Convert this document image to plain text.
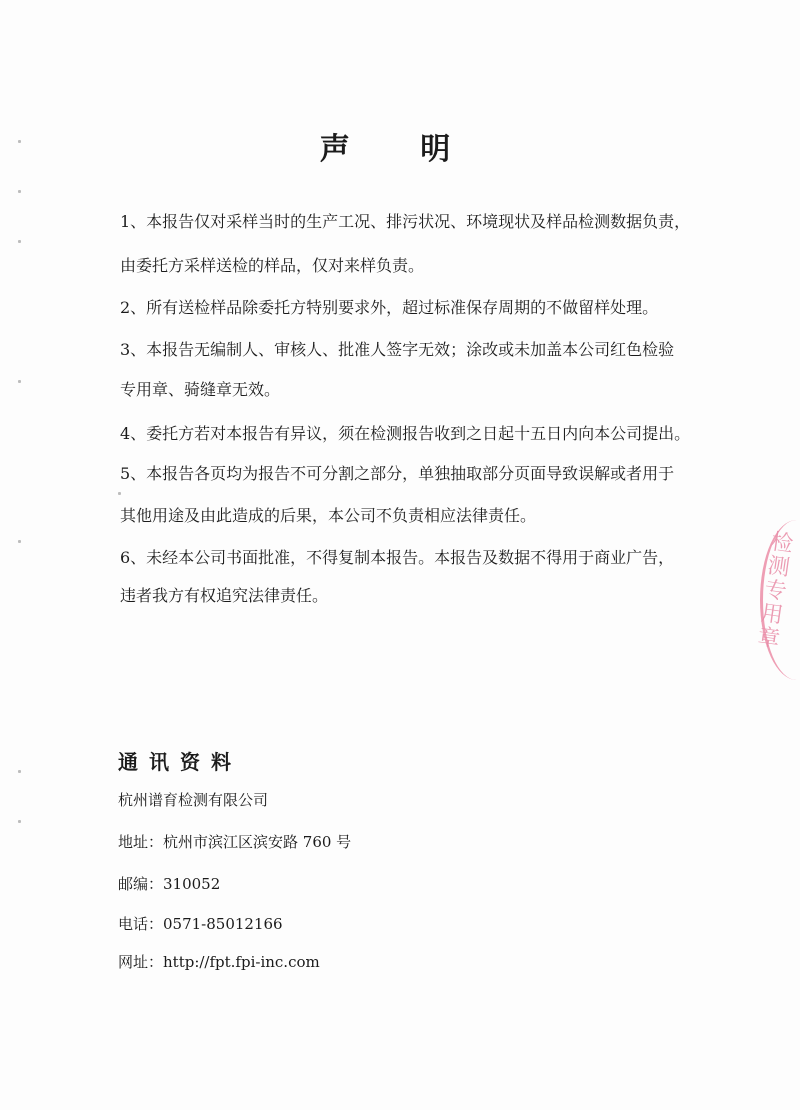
声 明
1、本报告仅对采样当时的生产工况、排污状况、环境现状及样品检测数据负责，
由委托方采样送检的样品，仅对来样负责。
2、所有送检样品除委托方特别要求外，超过标准保存周期的不做留样处理。
3、本报告无编制人、审核人、批准人签字无效；涂改或未加盖本公司红色检验
专用章、骑缝章无效。
4、委托方若对本报告有异议，须在检测报告收到之日起十五日内向本公司提出。
5、本报告各页均为报告不可分割之部分，单独抽取部分页面导致误解或者用于
其他用途及由此造成的后果，本公司不负责相应法律责任。
6、未经本公司书面批准，不得复制本报告。本报告及数据不得用于商业广告，
违者我方有权追究法律责任。
通讯资料
杭州谱育检测有限公司
地址：杭州市滨江区滨安路 760 号
邮编：310052
电话：0571-85012166
网址：http://fpt.fpi-inc.com
检测专用章
